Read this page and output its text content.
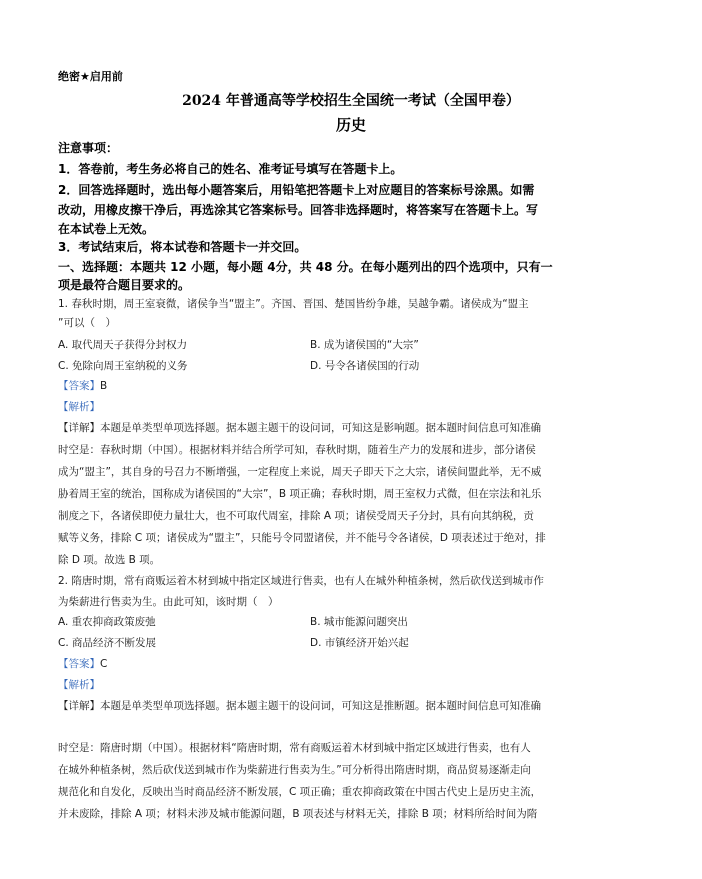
绝密★启用前
2024 年普通高等学校招生全国统一考试（全国甲卷）
历史
注意事项：
1．答卷前，考生务必将自己的姓名、准考证号填写在答题卡上。
2．回答选择题时，选出每小题答案后，用铅笔把答题卡上对应题目的答案标号涂黑。如需
改动，用橡皮擦干净后，再选涂其它答案标号。回答非选择题时，将答案写在答题卡上。写
在本试卷上无效。
3．考试结束后，将本试卷和答题卡一并交回。
一、选择题：本题共 12 小题，每小题 4分，共 48 分。在每小题列出的四个选项中，只有一
项是最符合题目要求的。
1. 春秋时期，周王室衰微，诸侯争当“盟主”。齐国、晋国、楚国皆纷争雄，吴越争霸。诸侯成为“盟主
”可以（　）
A. 取代周天子获得分封权力	B. 成为诸侯国的“大宗”
C. 免除向周王室纳税的义务	D. 号令各诸侯国的行动
【答案】B
【解析】
【详解】本题是单类型单项选择题。据本题主题干的设问词，可知这是影响题。据本题时间信息可知准确
时空是：春秋时期（中国）。根据材料并结合所学可知，春秋时期，随着生产力的发展和进步，部分诸侯
成为“盟主”，其自身的号召力不断增强，一定程度上来说，周天子即天下之大宗，诸侯间盟此举，无不威
胁着周王室的统治，国称成为诸侯国的“大宗”，B 项正确；春秋时期，周王室权力式微，但在宗法和礼乐
制度之下，各诸侯即使力量壮大，也不可取代周室，排除 A 项；诸侯受周天子分封，具有向其纳税，贡
赋等义务，排除 C 项；诸侯成为“盟主”，只能号令同盟诸侯，并不能号令各诸侯，D 项表述过于绝对，排
除 D 项。故选 B 项。
2. 隋唐时期，常有商贩运着木材到城中指定区域进行售卖，也有人在城外种植条树，然后砍伐送到城市作
为柴薪进行售卖为生。由此可知，该时期（　）
A. 重农抑商政策废弛	B. 城市能源问题突出
C. 商品经济不断发展	D. 市镇经济开始兴起
【答案】C
【解析】
【详解】本题是单类型单项选择题。据本题主题干的设问词，可知这是推断题。据本题时间信息可知准确
时空是：隋唐时期（中国）。根据材料“隋唐时期，常有商贩运着木材到城中指定区域进行售卖，也有人
在城外种植条树，然后砍伐送到城市作为柴薪进行售卖为生。”可分析得出隋唐时期，商品贸易逐渐走向
规范化和自发化，反映出当时商品经济不断发展，C 项正确；重农抑商政策在中国古代史上是历史主流，
并未废除，排除 A 项；材料未涉及城市能源问题，B 项表述与材料无关，排除 B 项；材料所给时间为隋
